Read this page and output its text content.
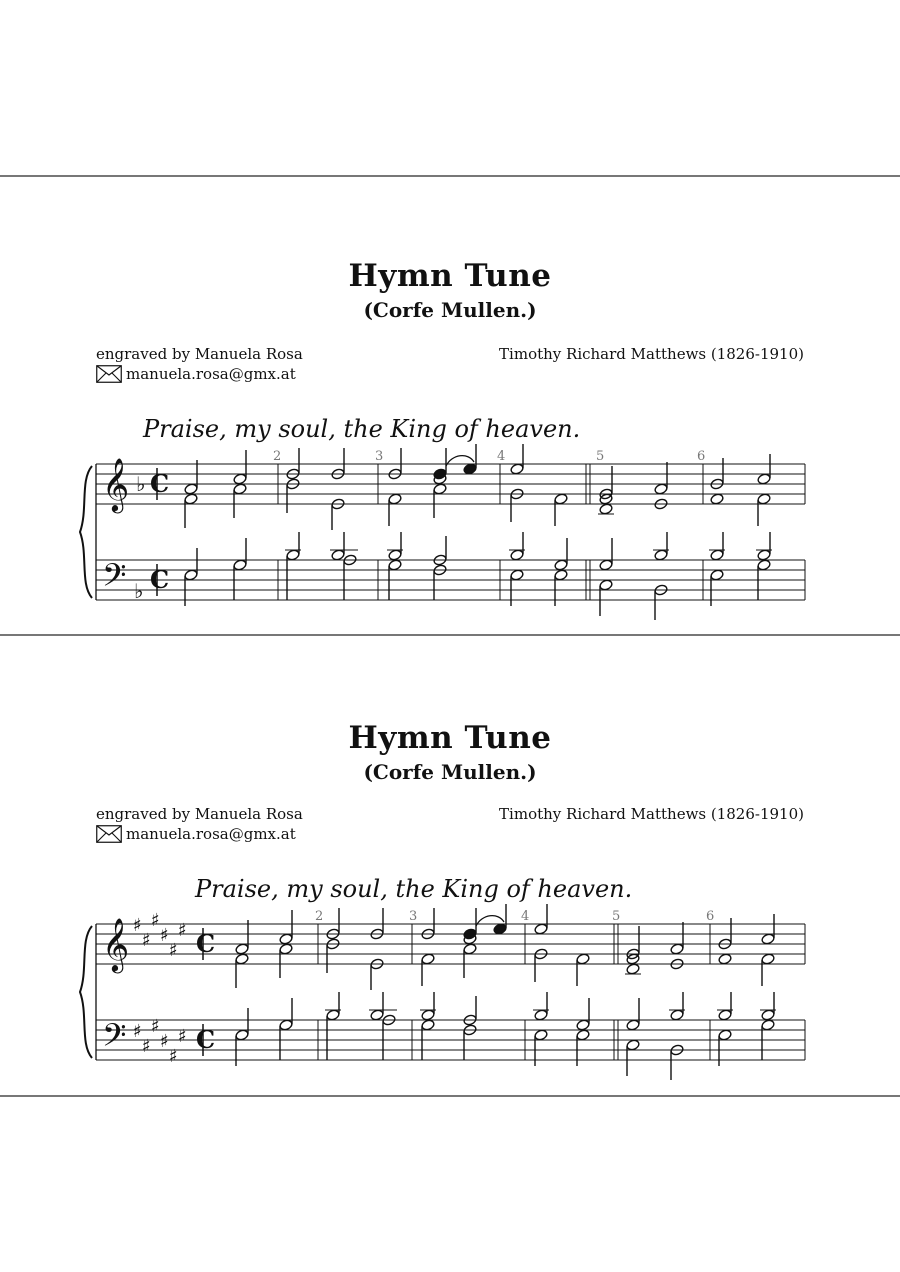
Hymn Tune
(Corfe Mullen.)
engraved by Manuela Rosa	Timothy Richard Matthews (1826-1910)
manuela.rosa@gmx.at
Praise, my soul, the King of heaven.
𝄞
𝄢
♭
♭
C
C
2	3	4	5	6
Hymn Tune
(Corfe Mullen.)
engraved by Manuela Rosa	Timothy Richard Matthews (1826-1910)
manuela.rosa@gmx.at
Praise, my soul, the King of heaven.
𝄞
𝄢
♯
♯
♯
♯
♯
♯
♯
♯
♯
♯
♯
♯
C
C
2	3	4	5	6
